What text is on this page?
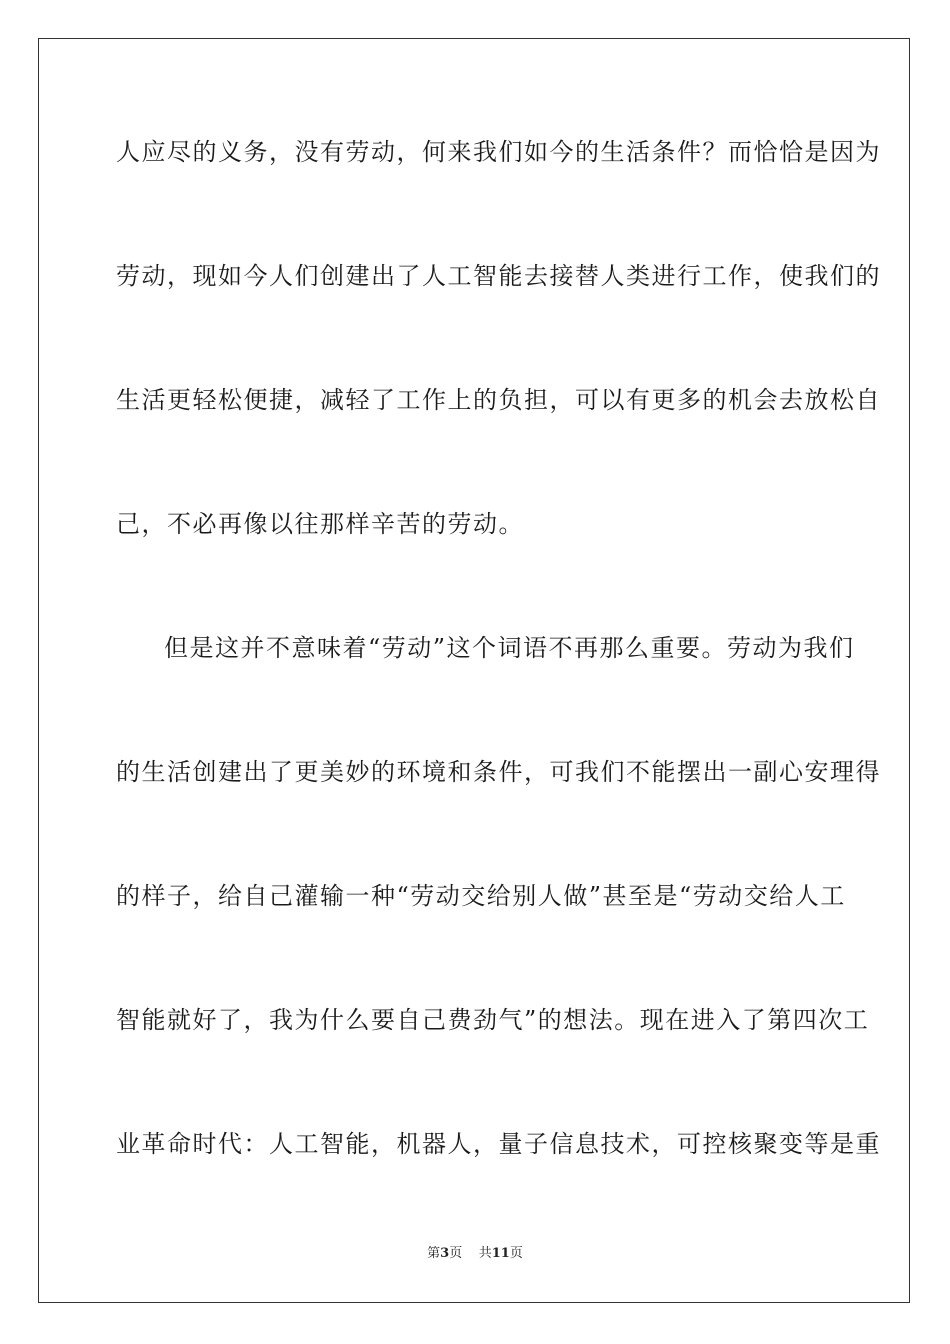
人应尽的义务，没有劳动，何来我们如今的生活条件？而恰恰是因为
劳动，现如今人们创建出了人工智能去接替人类进行工作，使我们的
生活更轻松便捷，减轻了工作上的负担，可以有更多的机会去放松自
己，不必再像以往那样辛苦的劳动。
但是这并不意味着“劳动”这个词语不再那么重要。劳动为我们
的生活创建出了更美妙的环境和条件，可我们不能摆出一副心安理得
的样子，给自己灌输一种“劳动交给别人做”甚至是“劳动交给人工
智能就好了，我为什么要自己费劲气”的想法。现在进入了第四次工
业革命时代：人工智能，机器人，量子信息技术，可控核聚变等是重
第3页 共11页
